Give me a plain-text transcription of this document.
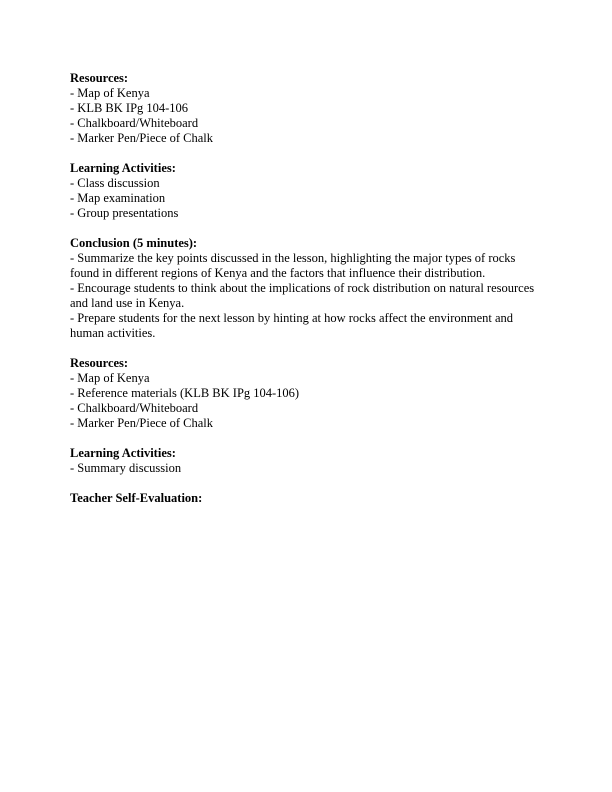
Resources:
- Map of Kenya
- KLB BK IPg 104-106
- Chalkboard/Whiteboard
- Marker Pen/Piece of Chalk
Learning Activities:
- Class discussion
- Map examination
- Group presentations
Conclusion (5 minutes):
- Summarize the key points discussed in the lesson, highlighting the major types of rocks found in different regions of Kenya and the factors that influence their distribution.
- Encourage students to think about the implications of rock distribution on natural resources and land use in Kenya.
- Prepare students for the next lesson by hinting at how rocks affect the environment and human activities.
Resources:
- Map of Kenya
- Reference materials (KLB BK IPg 104-106)
- Chalkboard/Whiteboard
- Marker Pen/Piece of Chalk
Learning Activities:
- Summary discussion
Teacher Self-Evaluation:
